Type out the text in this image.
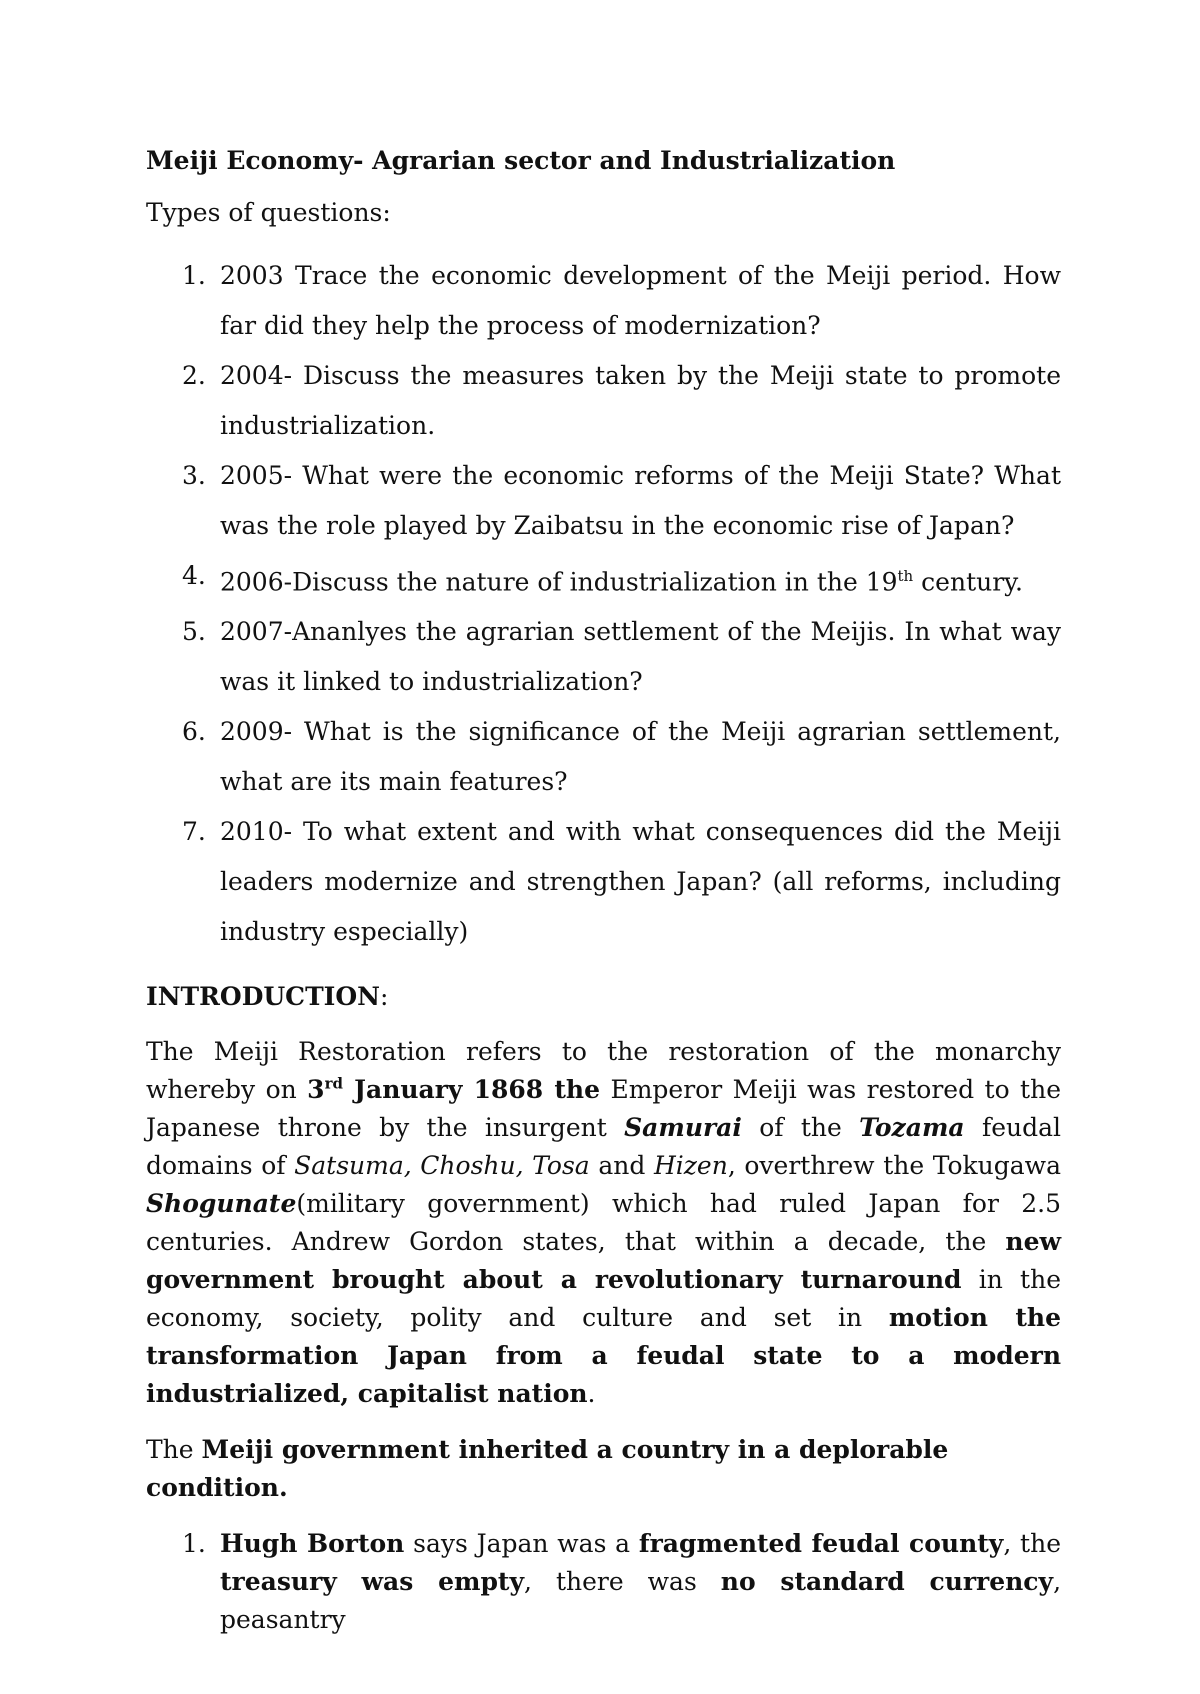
Meiji Economy- Agrarian sector and Industrialization
Types of questions:
1. 2003 Trace the economic development of the Meiji period. How far did they help the process of modernization?
2. 2004- Discuss the measures taken by the Meiji state to promote industrialization.
3. 2005- What were the economic reforms of the Meiji State? What was the role played by Zaibatsu in the economic rise of Japan?
4. 2006-Discuss the nature of industrialization in the 19th century.
5. 2007-Ananlyes the agrarian settlement of the Meijis. In what way was it linked to industrialization?
6. 2009- What is the significance of the Meiji agrarian settlement, what are its main features?
7. 2010- To what extent and with what consequences did the Meiji leaders modernize and strengthen Japan? (all reforms, including industry especially)
INTRODUCTION:

The Meiji Restoration refers to the restoration of the monarchy whereby on 3rd January 1868 the Emperor Meiji was restored to the Japanese throne by the insurgent Samurai of the Tozama feudal domains of Satsuma, Choshu, Tosa and Hizen, overthrew the Tokugawa Shogunate(military government) which had ruled Japan for 2.5 centuries. Andrew Gordon states, that within a decade, the new government brought about a revolutionary turnaround in the economy, society, polity and culture and set in motion the transformation Japan from a feudal state to a modern industrialized, capitalist nation.

The Meiji government inherited a country in a deplorable condition.

1. Hugh Borton says Japan was a fragmented feudal county, the treasury was empty, there was no standard currency, peasantry
